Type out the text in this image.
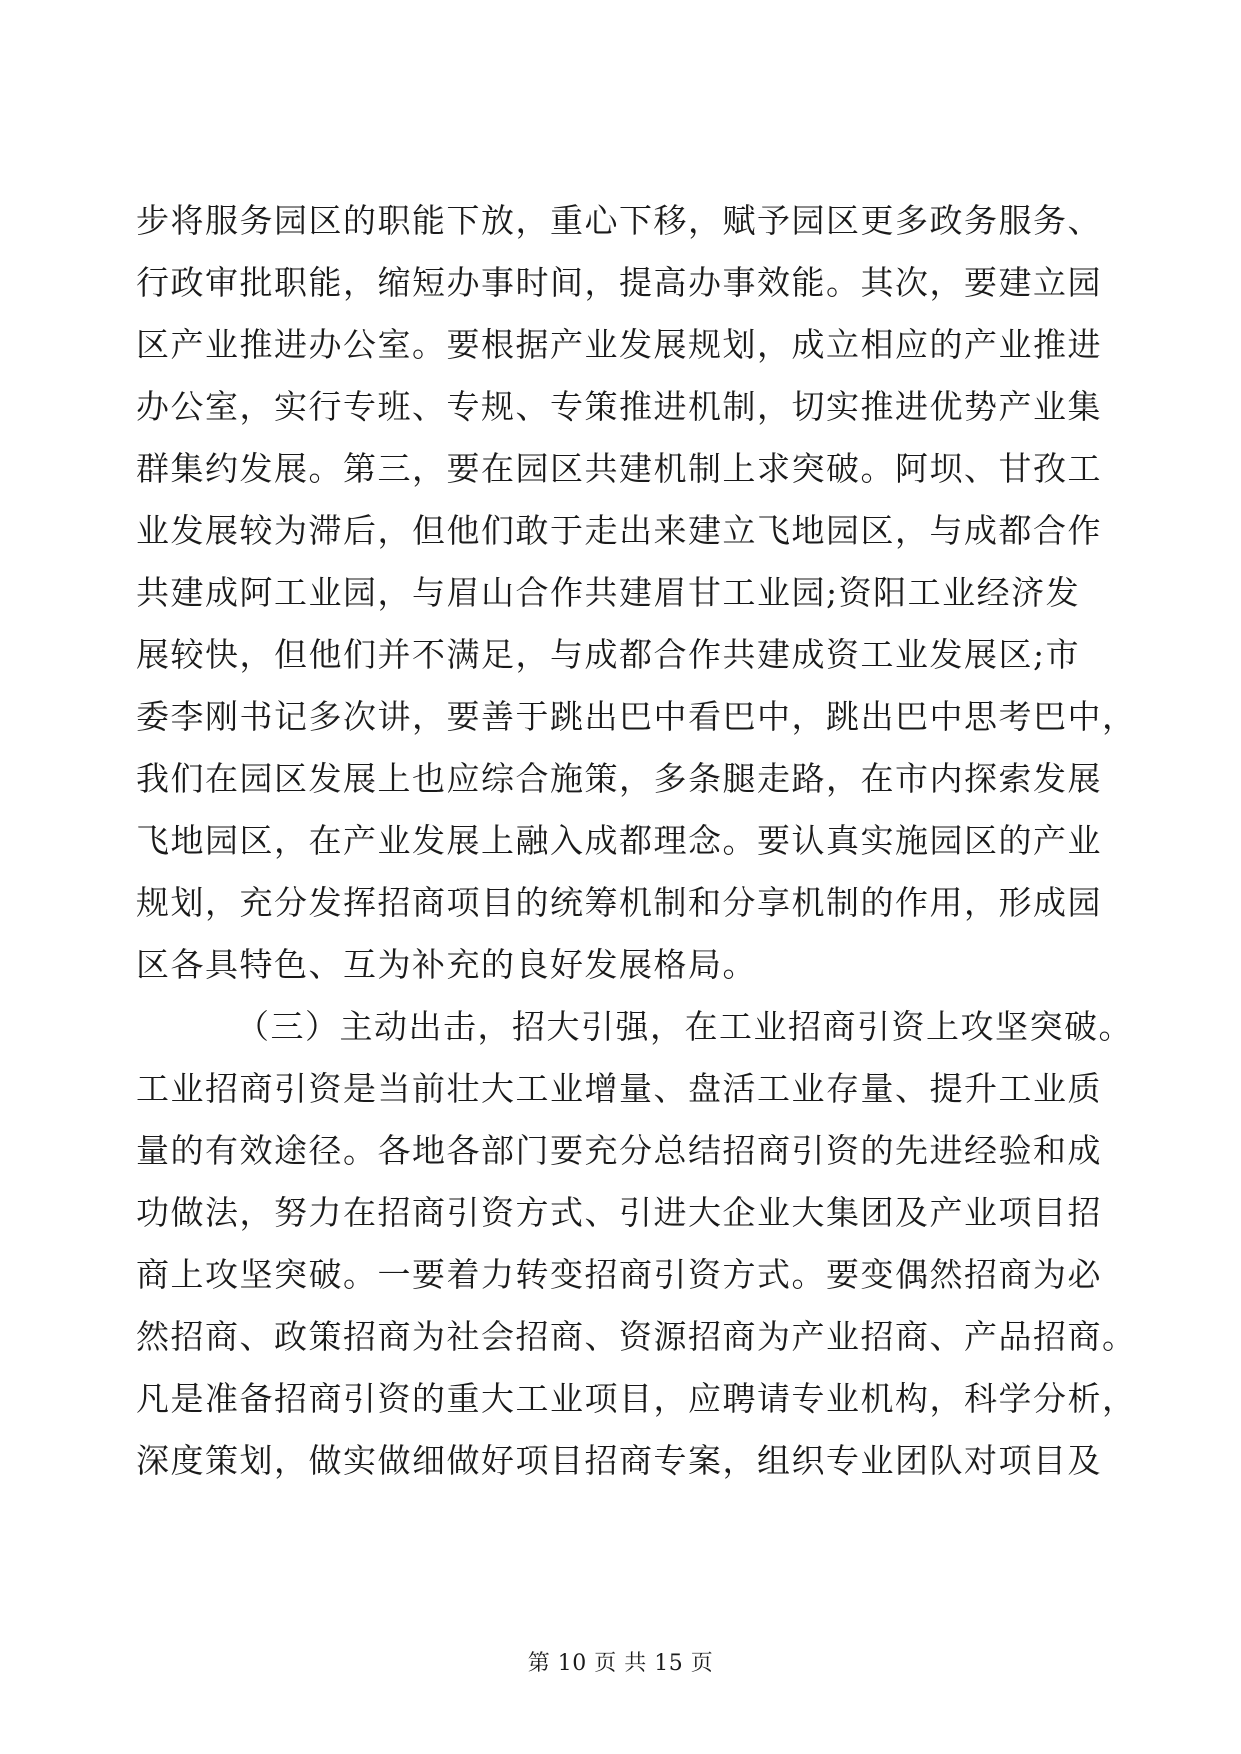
步将服务园区的职能下放，重心下移，赋予园区更多政务服务、
行政审批职能，缩短办事时间，提高办事效能。其次，要建立园
区产业推进办公室。要根据产业发展规划，成立相应的产业推进
办公室，实行专班、专规、专策推进机制，切实推进优势产业集
群集约发展。第三，要在园区共建机制上求突破。阿坝、甘孜工
业发展较为滞后，但他们敢于走出来建立飞地园区，与成都合作
共建成阿工业园，与眉山合作共建眉甘工业园;资阳工业经济发
展较快，但他们并不满足，与成都合作共建成资工业发展区;市
委李刚书记多次讲，要善于跳出巴中看巴中，跳出巴中思考巴中，
我们在园区发展上也应综合施策，多条腿走路，在市内探索发展
飞地园区，在产业发展上融入成都理念。要认真实施园区的产业
规划，充分发挥招商项目的统筹机制和分享机制的作用，形成园
区各具特色、互为补充的良好发展格局。
（三）主动出击，招大引强，在工业招商引资上攻坚突破。
工业招商引资是当前壮大工业增量、盘活工业存量、提升工业质
量的有效途径。各地各部门要充分总结招商引资的先进经验和成
功做法，努力在招商引资方式、引进大企业大集团及产业项目招
商上攻坚突破。一要着力转变招商引资方式。要变偶然招商为必
然招商、政策招商为社会招商、资源招商为产业招商、产品招商。
凡是准备招商引资的重大工业项目，应聘请专业机构，科学分析，
深度策划，做实做细做好项目招商专案，组织专业团队对项目及
第 10 页 共 15 页
